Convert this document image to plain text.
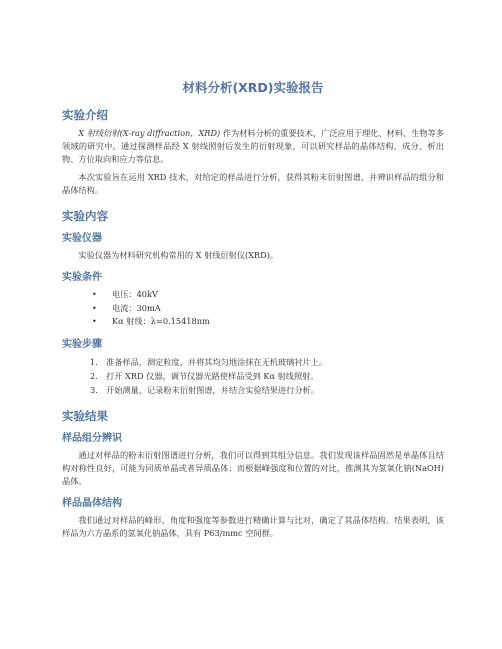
材料分析(XRD)实验报告
实验介绍

X 射线衍射(X-ray diffraction，XRD) 作为材料分析的重要技术，广泛应用于理化、材料、生物等多领域的研究中。通过探测样品经 X 射线照射后发生的衍射现象，可以研究样品的晶体结构、成分、析出物、方位取向和应力等信息。

本次实验旨在运用 XRD 技术，对给定的样品进行分析，获得其粉末衍射图谱，并辨识样品的组分和晶体结构。

实验内容
实验仪器

实验仪器为材料研究机构常用的 X 射线衍射仪(XRD)。

实验条件
• 电压：40kV
• 电流：30mA
• Kα 射线：λ=0.15418nm
实验步骤
1. 准备样品，测定粒度，并将其均匀地涂抹在无机玻璃衬片上。
2. 打开 XRD 仪器，调节仪器光路使样品受到 Kα 射线照射。
3. 开始测量，记录粉末衍射图谱，并结合实验结果进行分析。
实验结果
样品组分辨识

通过对样品的粉末衍射图谱进行分析，我们可以得到其组分信息。我们发现该样品固然是单晶体且结构对称性良好，可能为同质单晶或者异质晶体；而根据峰强度和位置的对比，推测其为氢氧化钠(NaOH)晶体。

样品晶体结构

我们通过对样品的峰形、角度和强度等参数进行精确计算与比对，确定了其晶体结构。结果表明，该样品为六方晶系的氢氧化钠晶体，具有 P63/mmc 空间群。
